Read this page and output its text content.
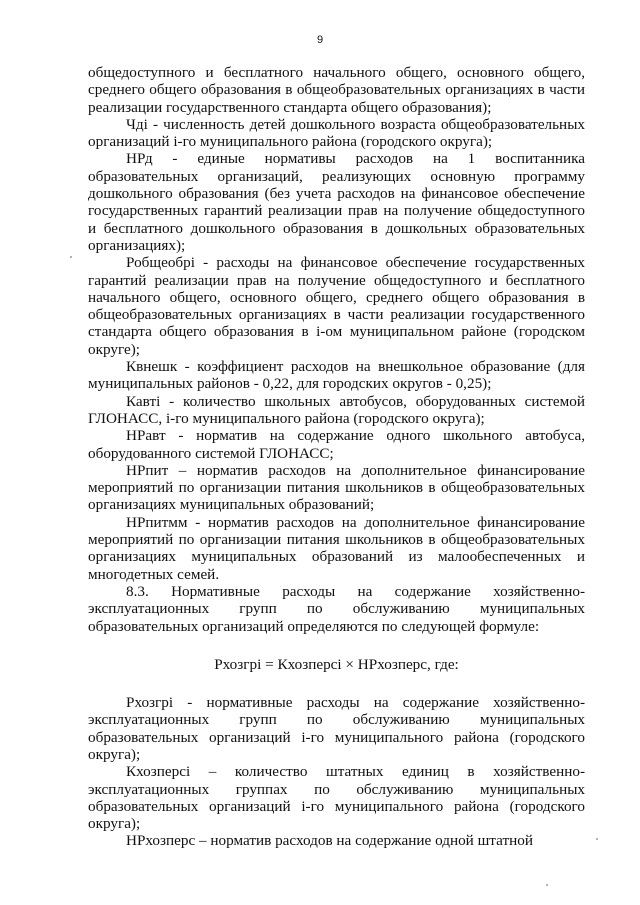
9

общедоступного и бесплатного начального общего, основного общего, среднего общего образования в общеобразовательных организациях в части реализации государственного стандарта общего образования);

Чдi - численность детей дошкольного возраста общеобразовательных организаций i-го муниципального района (городского округа);

НРд - единые нормативы расходов на 1 воспитанника образовательных организаций, реализующих основную программу дошкольного образования (без учета расходов на финансовое обеспечение государственных гарантий реализации прав на получение общедоступного и бесплатного дошкольного образования в дошкольных образовательных организациях);

Робщеобрi - расходы на финансовое обеспечение государственных гарантий реализации прав на получение общедоступного и бесплатного начального общего, основного общего, среднего общего образования в общеобразовательных организациях в части реализации государственного стандарта общего образования в i-ом муниципальном районе (городском округе);

Квнешк - коэффициент расходов на внешкольное образование (для муниципальных районов - 0,22, для городских округов - 0,25);

Кавтi - количество школьных автобусов, оборудованных системой ГЛОНАСС, i-го муниципального района (городского округа);

НРавт - норматив на содержание одного школьного автобуса, оборудованного системой ГЛОНАСС;

НРпит – норматив расходов на дополнительное финансирование мероприятий по организации питания школьников в общеобразовательных организациях муниципальных образований;

НРпитмм - норматив расходов на дополнительное финансирование мероприятий по организации питания школьников в общеобразовательных организациях муниципальных образований из малообеспеченных и многодетных семей.

8.3. Нормативные расходы на содержание хозяйственно-эксплуатационных групп по обслуживанию муниципальных образовательных организаций определяются по следующей формуле:

Рхозгрi = Кхозперсi × НРхозперс, где:

Рхозгрi - нормативные расходы на содержание хозяйственно-эксплуатационных групп по обслуживанию муниципальных образовательных организаций i-го муниципального района (городского округа);

Кхозперсi – количество штатных единиц в хозяйственно-эксплуатационных группах по обслуживанию муниципальных образовательных организаций i-го муниципального района (городского округа);

НРхозперс – норматив расходов на содержание одной штатной
